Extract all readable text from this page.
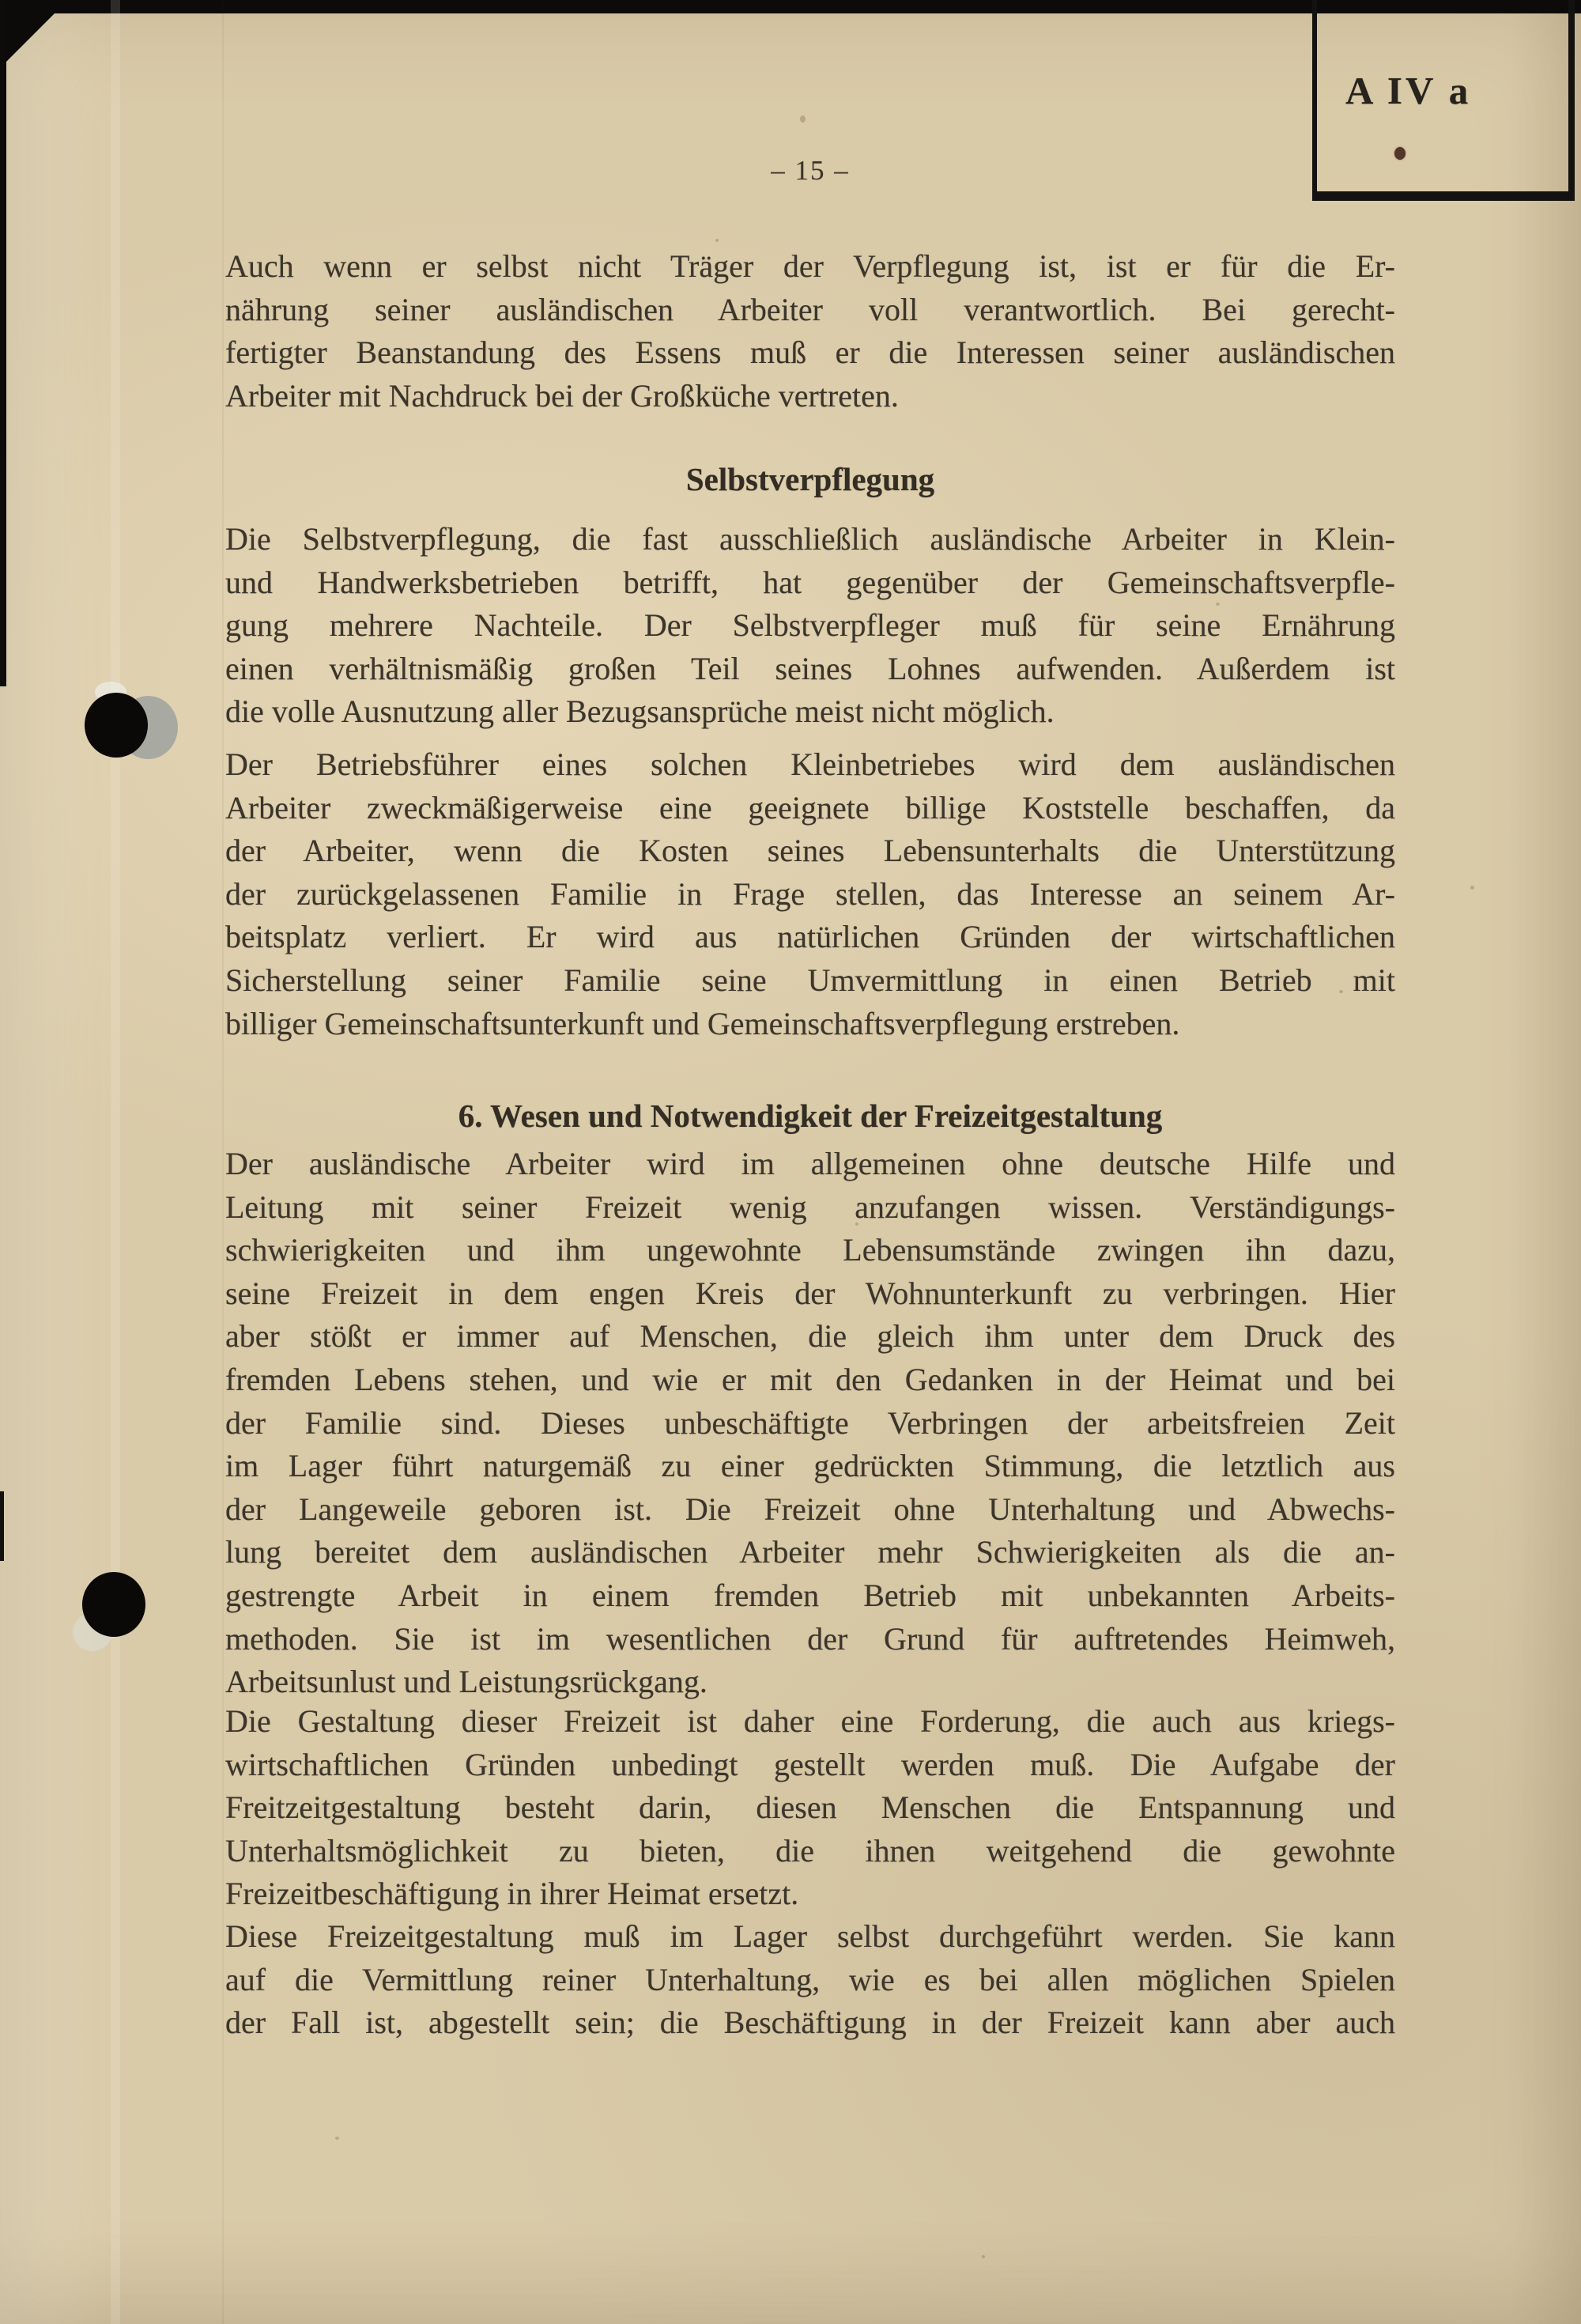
A IV a
– 15 –
Auch wenn er selbst nicht Träger der Verpflegung ist, ist er für die Er-
nährung seiner ausländischen Arbeiter voll verantwortlich. Bei gerecht-
fertigter Beanstandung des Essens muß er die Interessen seiner ausländischen
Arbeiter mit Nachdruck bei der Großküche vertreten.
Selbstverpflegung
Die Selbstverpflegung, die fast ausschließlich ausländische Arbeiter in Klein-
und Handwerksbetrieben betrifft, hat gegenüber der Gemeinschaftsverpfle-
gung mehrere Nachteile. Der Selbstverpfleger muß für seine Ernährung
einen verhältnismäßig großen Teil seines Lohnes aufwenden. Außerdem ist
die volle Ausnutzung aller Bezugsansprüche meist nicht möglich.
Der Betriebsführer eines solchen Kleinbetriebes wird dem ausländischen
Arbeiter zweckmäßigerweise eine geeignete billige Koststelle beschaffen, da
der Arbeiter, wenn die Kosten seines Lebensunterhalts die Unterstützung
der zurückgelassenen Familie in Frage stellen, das Interesse an seinem Ar-
beitsplatz verliert. Er wird aus natürlichen Gründen der wirtschaftlichen
Sicherstellung seiner Familie seine Umvermittlung in einen Betrieb mit
billiger Gemeinschaftsunterkunft und Gemeinschaftsverpflegung erstreben.
6. Wesen und Notwendigkeit der Freizeitgestaltung
Der ausländische Arbeiter wird im allgemeinen ohne deutsche Hilfe und
Leitung mit seiner Freizeit wenig anzufangen wissen. Verständigungs-
schwierigkeiten und ihm ungewohnte Lebensumstände zwingen ihn dazu,
seine Freizeit in dem engen Kreis der Wohnunterkunft zu verbringen. Hier
aber stößt er immer auf Menschen, die gleich ihm unter dem Druck des
fremden Lebens stehen, und wie er mit den Gedanken in der Heimat und bei
der Familie sind. Dieses unbeschäftigte Verbringen der arbeitsfreien Zeit
im Lager führt naturgemäß zu einer gedrückten Stimmung, die letztlich aus
der Langeweile geboren ist. Die Freizeit ohne Unterhaltung und Abwechs-
lung bereitet dem ausländischen Arbeiter mehr Schwierigkeiten als die an-
gestrengte Arbeit in einem fremden Betrieb mit unbekannten Arbeits-
methoden. Sie ist im wesentlichen der Grund für auftretendes Heimweh,
Arbeitsunlust und Leistungsrückgang.
Die Gestaltung dieser Freizeit ist daher eine Forderung, die auch aus kriegs-
wirtschaftlichen Gründen unbedingt gestellt werden muß. Die Aufgabe der
Freitzeitgestaltung besteht darin, diesen Menschen die Entspannung und
Unterhaltsmöglichkeit zu bieten, die ihnen weitgehend die gewohnte
Freizeitbeschäftigung in ihrer Heimat ersetzt.
Diese Freizeitgestaltung muß im Lager selbst durchgeführt werden. Sie kann
auf die Vermittlung reiner Unterhaltung, wie es bei allen möglichen Spielen
der Fall ist, abgestellt sein; die Beschäftigung in der Freizeit kann aber auch
